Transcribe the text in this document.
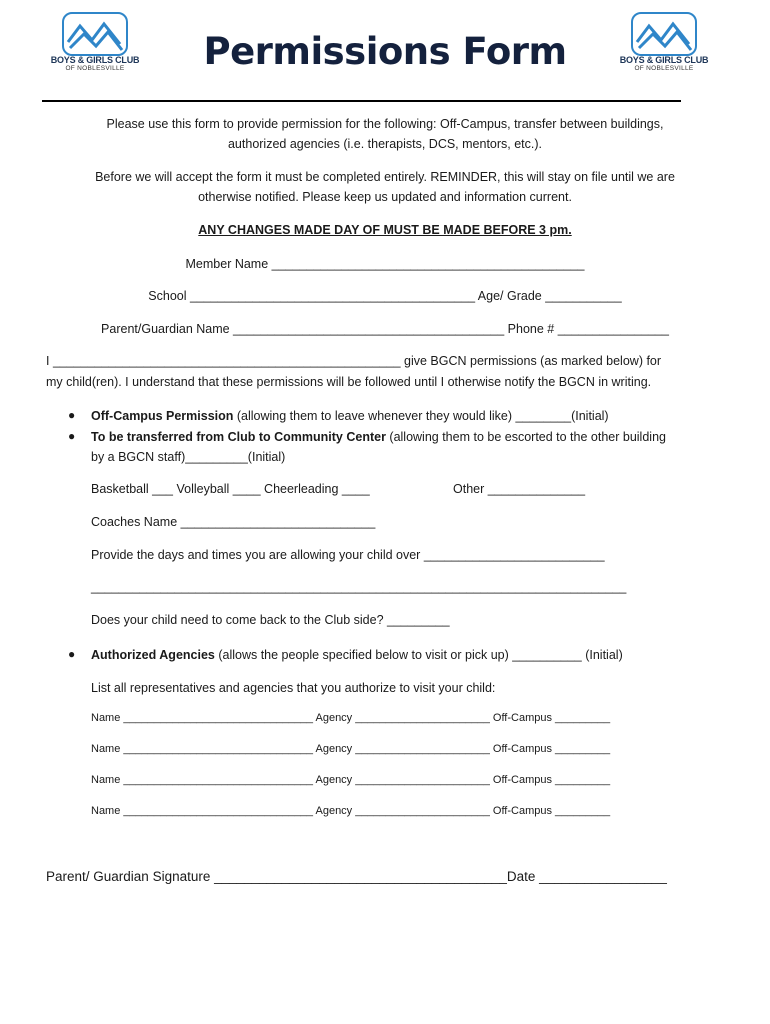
BOYS & GIRLS CLUB
OF NOBLESVILLE
BOYS & GIRLS CLUB
OF NOBLESVILLE
Permissions Form
Please use this form to provide permission for the following: Off-Campus, transfer between buildings,
authorized agencies (i.e. therapists, DCS, mentors, etc.).
Before we will accept the form it must be completed entirely. REMINDER, this will stay on file until we are
otherwise notified. Please keep us updated and information current.
ANY CHANGES MADE DAY OF MUST BE MADE BEFORE 3 pm.
Member Name _____________________________________________
School _________________________________________ Age/ Grade ___________
Parent/Guardian Name _______________________________________ Phone # ________________
I __________________________________________________ give BGCN permissions (as marked below) for
my child(ren). I understand that these permissions will be followed until I otherwise notify the BGCN in writing.
● Off-Campus Permission (allowing them to leave whenever they would like) ________(Initial)
● To be transferred from Club to Community Center (allowing them to be escorted to the other building
by a BGCN staff)_________(Initial)
Basketball ___ Volleyball ____ Cheerleading ____	Other ______________
Coaches Name ____________________________
Provide the days and times you are allowing your child over __________________________
_____________________________________________________________________________
Does your child need to come back to the Club side? _________
● Authorized Agencies (allows the people specified below to visit or pick up) __________ (Initial)
List all representatives and agencies that you authorize to visit your child:
Name _______________________________ Agency ______________________ Off-Campus _________
Name _______________________________ Agency ______________________ Off-Campus _________
Name _______________________________ Agency ______________________ Off-Campus _________
Name _______________________________ Agency ______________________ Off-Campus _________
Parent/ Guardian Signature _______________________________________Date _________________
